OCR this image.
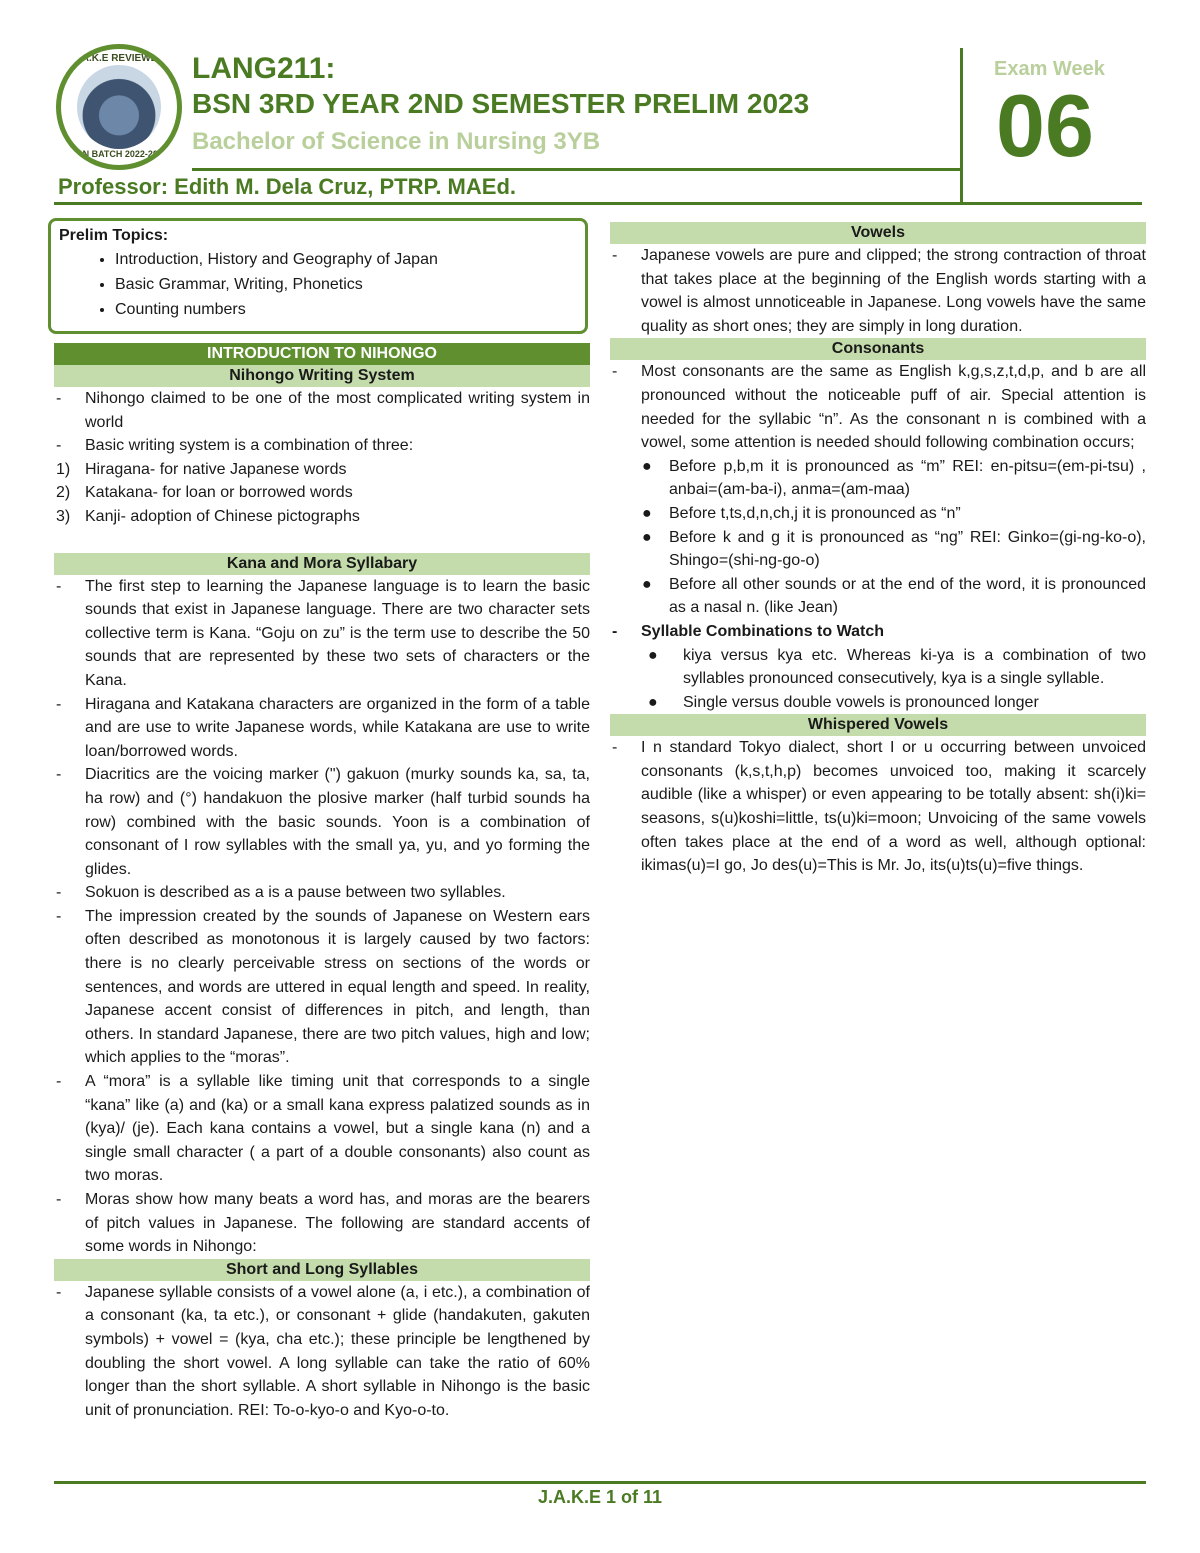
J.A.K.E REVIEWER
BSN BATCH 2022-2023
LANG211:
BSN 3RD YEAR 2ND SEMESTER PRELIM 2023
Bachelor of Science in Nursing 3YB
Exam Week
06
Professor: Edith M. Dela Cruz, PTRP. MAEd.
Prelim Topics:
• Introduction, History and Geography of Japan
• Basic Grammar, Writing, Phonetics
• Counting numbers
INTRODUCTION TO NIHONGO
Nihongo Writing System
- Nihongo claimed to be one of the most complicated writing system in world
- Basic writing system is a combination of three:
1) Hiragana- for native Japanese words
2) Katakana- for loan or borrowed words
3) Kanji- adoption of Chinese pictographs
Kana and Mora Syllabary
- The first step to learning the Japanese language is to learn the basic sounds that exist in Japanese language. There are two character sets collective term is Kana. “Goju on zu” is the term use to describe the 50 sounds that are represented by these two sets of characters or the Kana.
- Hiragana and Katakana characters are organized in the form of a table and are use to write Japanese words, while Katakana are use to write loan/borrowed words.
- Diacritics are the voicing marker (") gakuon (murky sounds ka, sa, ta, ha row) and (°) handakuon the plosive marker (half turbid sounds ha row) combined with the basic sounds. Yoon is a combination of consonant of I row syllables with the small ya, yu, and yo forming the glides.
- Sokuon is described as a is a pause between two syllables.
- The impression created by the sounds of Japanese on Western ears often described as monotonous it is largely caused by two factors: there is no clearly perceivable stress on sections of the words or sentences, and words are uttered in equal length and speed. In reality, Japanese accent consist of differences in pitch, and length, than others. In standard Japanese, there are two pitch values, high and low; which applies to the “moras”.
- A “mora” is a syllable like timing unit that corresponds to a single “kana” like (a) and (ka) or a small kana express palatized sounds as in (kya)/ (je). Each kana contains a vowel, but a single kana (n) and a single small character ( a part of a double consonants) also count as two moras.
- Moras show how many beats a word has, and moras are the bearers of pitch values in Japanese. The following are standard accents of some words in Nihongo:
Short and Long Syllables
- Japanese syllable consists of a vowel alone (a, i etc.), a combination of a consonant (ka, ta etc.), or consonant + glide (handakuten, gakuten symbols) + vowel = (kya, cha etc.); these principle be lengthened by doubling the short vowel. A long syllable can take the ratio of 60% longer than the short syllable. A short syllable in Nihongo is the basic unit of pronunciation. REI: To-o-kyo-o and Kyo-o-to.
Vowels
- Japanese vowels are pure and clipped; the strong contraction of throat that takes place at the beginning of the English words starting with a vowel is almost unnoticeable in Japanese. Long vowels have the same quality as short ones; they are simply in long duration.
Consonants
- Most consonants are the same as English k,g,s,z,t,d,p, and b are all pronounced without the noticeable puff of air. Special attention is needed for the syllabic “n”. As the consonant n is combined with a vowel, some attention is needed should following combination occurs;
● Before p,b,m it is pronounced as “m” REI: en-pitsu=(em-pi-tsu) , anbai=(am-ba-i), anma=(am-maa)
● Before t,ts,d,n,ch,j it is pronounced as “n”
● Before k and g it is pronounced as “ng” REI: Ginko=(gi-ng-ko-o), Shingo=(shi-ng-go-o)
● Before all other sounds or at the end of the word, it is pronounced as a nasal n. (like Jean)
- Syllable Combinations to Watch
● kiya versus kya etc. Whereas ki-ya is a combination of two syllables pronounced consecutively, kya is a single syllable.
● Single versus double vowels is pronounced longer
Whispered Vowels
- I n standard Tokyo dialect, short I or u occurring between unvoiced consonants (k,s,t,h,p) becomes unvoiced too, making it scarcely audible (like a whisper) or even appearing to be totally absent: sh(i)ki= seasons, s(u)koshi=little, ts(u)ki=moon; Unvoicing of the same vowels often takes place at the end of a word as well, although optional: ikimas(u)=I go, Jo des(u)=This is Mr. Jo, its(u)ts(u)=five things.
J.A.K.E 1 of 11
